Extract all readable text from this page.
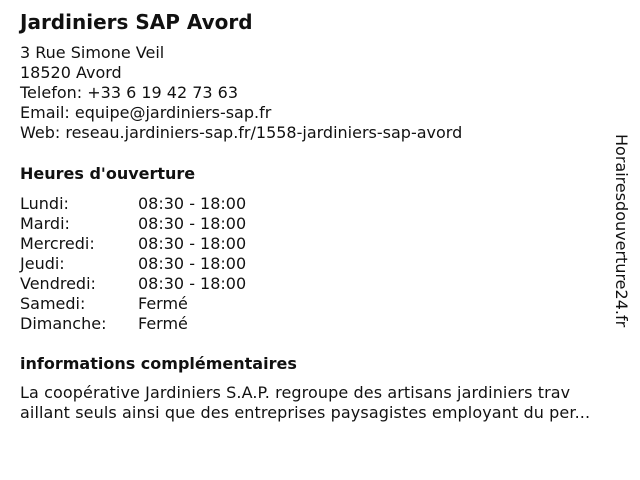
Jardiniers SAP Avord
3 Rue Simone Veil
18520 Avord
Telefon: +33 6 19 42 73 63
Email: equipe@jardiniers-sap.fr
Web: reseau.jardiniers-sap.fr/1558-jardiniers-sap-avord
Heures d'ouverture
Lundi:	08:30 - 18:00
Mardi:	08:30 - 18:00
Mercredi:	08:30 - 18:00
Jeudi:	08:30 - 18:00
Vendredi:	08:30 - 18:00
Samedi:	Fermé
Dimanche: Fermé
informations complémentaires
La coopérative Jardiniers S.A.P. regroupe des artisans jardiniers trav
aillant seuls ainsi que des entreprises paysagistes employant du per...
Horairesdouverture24.fr
